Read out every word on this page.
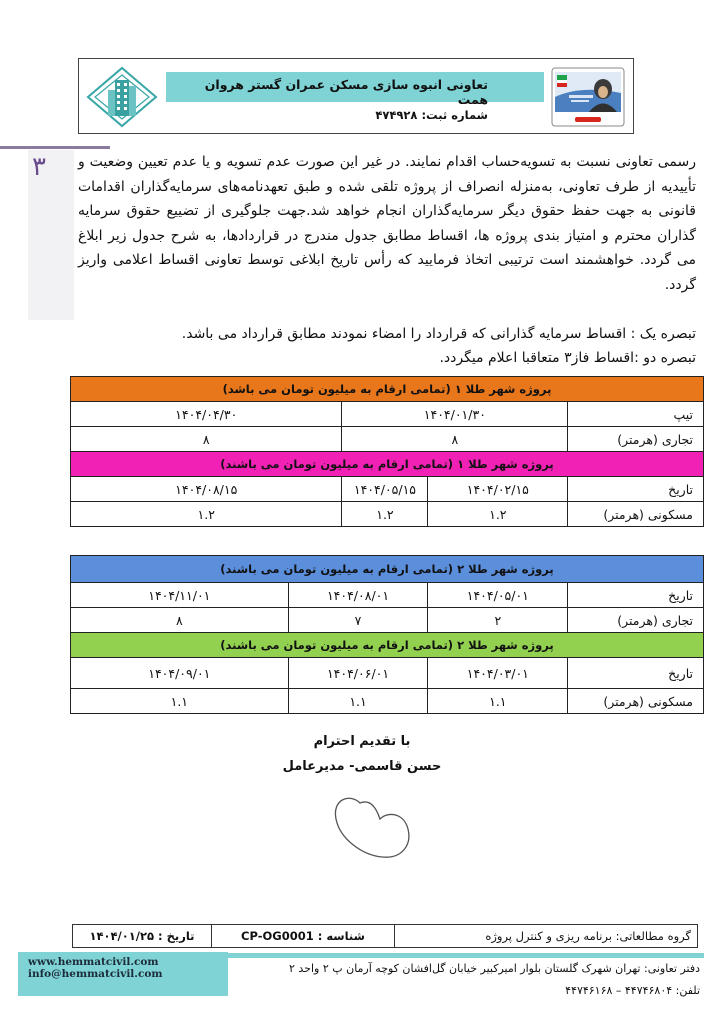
تعاونی انبوه سازی مسکن عمران گستر هروان همت
شماره ثبت: ۴۷۴۹۲۸
۳ رسمی تعاونی نسبت به تسویه‌حساب اقدام نمایند. در غیر این صورت عدم تسویه و یا عدم تعیین وضعیت و تأییدیه از طرف تعاونی، به‌منزله انصراف از پروژه تلقی شده و طبق تعهدنامه‌های سرمایه‌گذاران اقدامات قانونی به جهت حفظ حقوق دیگر سرمایه‌گذاران انجام خواهد شد.جهت جلوگیری از تضییع حقوق سرمایه گذاران محترم و امتیاز بندی پروژه ها، اقساط مطابق جدول مندرج در قراردادها، به شرح جدول زیر ابلاغ می گردد. خواهشمند است ترتیبی اتخاذ فرمایید که رأس تاریخ ابلاغی توسط تعاونی اقساط اعلامی واریز گردد.

تبصره یک : اقساط سرمایه گذارانی که قرارداد را امضاء نمودند مطابق قرارداد می باشد.
تبصره دو :اقساط فاز۳ متعاقبا اعلام میگردد.
پروژه شهر طلا ۱ (تمامی ارقام به میلیون تومان می باشد)			
تیپ	۱۴۰۴/۰۱/۳۰		۱۴۰۴/۰۴/۳۰
تجاری (هرمتر)	۸		۸
پروژه شهر طلا ۱ (تمامی ارقام به میلیون تومان می باشند)			
تاریخ	۱۴۰۴/۰۲/۱۵	۱۴۰۴/۰۵/۱۵	۱۴۰۴/۰۸/۱۵
مسکونی (هرمتر)	۱.۲	۱.۲	۱.۲
پروژه شهر طلا ۲ (تمامی ارقام به میلیون تومان می باشند)			
تاریخ	۱۴۰۴/۰۵/۰۱	۱۴۰۴/۰۸/۰۱	۱۴۰۴/۱۱/۰۱
تجاری (هرمتر)	۲	۷	۸
پروژه شهر طلا ۲ (تمامی ارقام به میلیون تومان می باشند)			
تاریخ	۱۴۰۴/۰۳/۰۱	۱۴۰۴/۰۶/۰۱	۱۴۰۴/۰۹/۰۱
مسکونی (هرمتر)	۱.۱	۱.۱	۱.۱
با تقدیم احترام
حسن قاسمی- مدیرعامل
گروه مطالعاتی: برنامه ریزی و کنترل پروژه	شناسه : CP-OG0001	تاریخ : ۱۴۰۴/۰۱/۲۵
www.hemmatcivil.com
info@hemmatcivil.com	دفتر تعاونی: تهران شهرک گلستان بلوار امیرکبیر خیابان گل‌افشان کوچه آرمان پ ۲ واحد ۲
تلفن: ۴۴۷۴۶۸۰۴ – ۴۴۷۴۶۱۶۸
